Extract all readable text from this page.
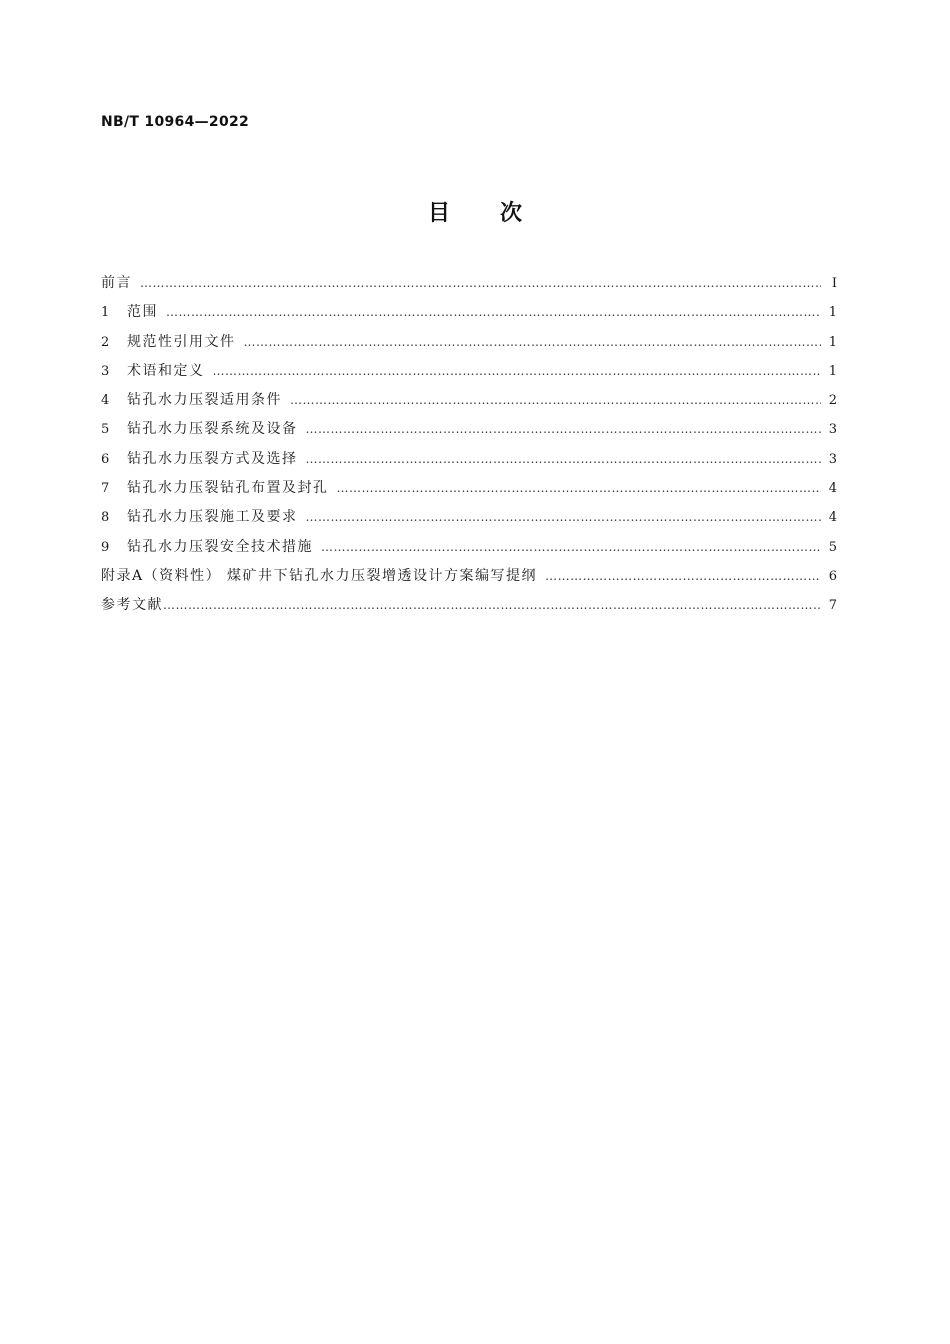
NB/T 10964—2022
目次
前言 ……………………………………………………………………………………………………………………………………………………………………………………………………	Ⅰ
1	范围 ……………………………………………………………………………………………………………………………………………………………………………………………………	1
2	规范性引用文件 ……………………………………………………………………………………………………………………………………………………………………………………………………	1
3	术语和定义 ……………………………………………………………………………………………………………………………………………………………………………………………………	1
4	钻孔水力压裂适用条件 ……………………………………………………………………………………………………………………………………………………………………………………………………	2
5	钻孔水力压裂系统及设备 ……………………………………………………………………………………………………………………………………………………………………………………………………	3
6	钻孔水力压裂方式及选择 ……………………………………………………………………………………………………………………………………………………………………………………………………	3
7	钻孔水力压裂钻孔布置及封孔 ……………………………………………………………………………………………………………………………………………………………………………………………………	4
8	钻孔水力压裂施工及要求 ……………………………………………………………………………………………………………………………………………………………………………………………………	4
9	钻孔水力压裂安全技术措施 ……………………………………………………………………………………………………………………………………………………………………………………………………	5
附录A（资料性） 煤矿井下钻孔水力压裂增透设计方案编写提纲 ……………………………………………………………………………………………………………………………………………………………………………………………………	6
参考文献 ……………………………………………………………………………………………………………………………………………………………………………………………………	7
